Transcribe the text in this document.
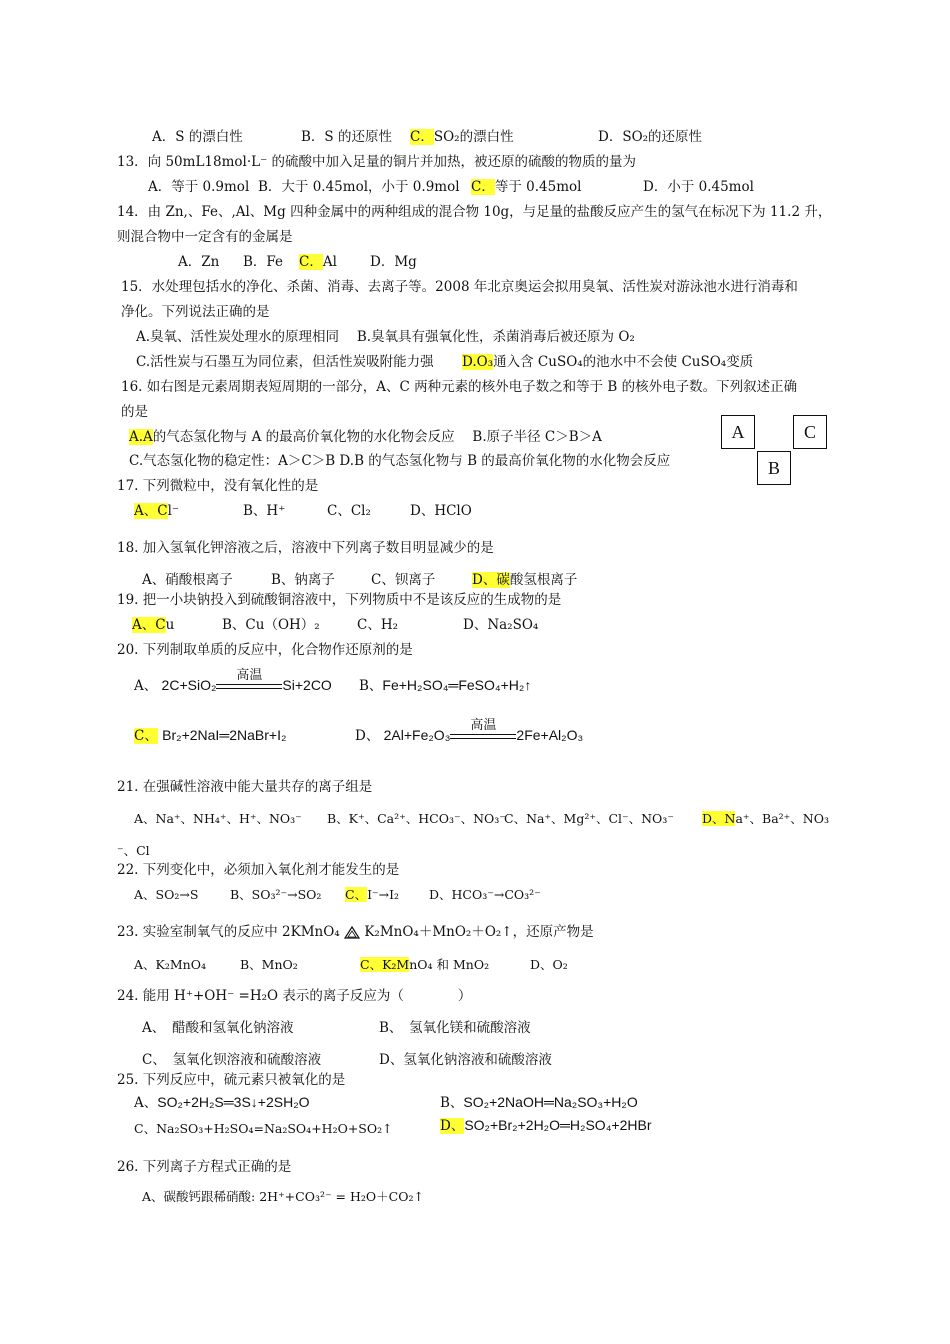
A．S 的漂白性	B．S 的还原性 C．SO₂的漂白性	D．SO₂的还原性
13．向 50mL18mol·L⁻ 的硫酸中加入足量的铜片并加热，被还原的硫酸的物质的量为
A．等于 0.9mol B．大于 0.45mol，小于 0.9mol C．等于 0.45mol	D．小于 0.45mol
14．由 Zn,、Fe、,Al、Mg 四种金属中的两种组成的混合物 10g，与足量的盐酸反应产生的氢气在标况下为 11.2 升，
则混合物中一定含有的金属是
A．Zn B．Fe C．Al D．Mg
15．水处理包括水的净化、杀菌、消毒、去离子等。2008 年北京奥运会拟用臭氧、活性炭对游泳池水进行消毒和
净化。下列说法正确的是
A.臭氧、活性炭处理水的原理相同　 B.臭氧具有强氧化性，杀菌消毒后被还原为 O₂
C.活性炭与石墨互为同位素，但活性炭吸附能力强 D.O₃通入含 CuSO₄的池水中不会使 CuSO₄变质
16. 如右图是元素周期表短周期的一部分，A、C 两种元素的核外电子数之和等于 B 的核外电子数。下列叙述正确
的是
A.A的气态氢化物与 A 的最高价氧化物的水化物会反应　 B.原子半径 C＞B＞A
C.气态氢化物的稳定性：A＞C＞B D.B 的气态氢化物与 B 的最高价氧化物的水化物会反应
A	C
B
17. 下列微粒中，没有氧化性的是
A、Cl⁻	B、H⁺	C、Cl₂	D、HClO
18. 加入氢氧化钾溶液之后，溶液中下列离子数目明显减少的是
A、硝酸根离子	B、钠离子	C、钡离子	D、碳酸氢根离子
19. 把一小块钠投入到硫酸铜溶液中，下列物质中不是该反应的生成物的是
A、Cu	B、Cu（OH）₂	C、H₂	D、Na₂SO₄
20. 下列制取单质的反应中，化合物作还原剂的是
A、 2C+SiO₂
高温
Si+2CO B、Fe+H₂SO₄═FeSO₄+H₂↑
C、 Br₂+2NaI═2NaBr+I₂	D、 2Al+Fe₂O₃
高温
2Fe+Al₂O₃
21. 在强碱性溶液中能大量共存的离子组是
A、Na⁺、NH₄⁺、H⁺、NO₃⁻ B、K⁺、Ca²⁺、HCO₃⁻、NO₃⁻
C、Na⁺、Mg²⁺、Cl⁻、NO₃⁻ D、Na⁺、Ba²⁺、NO₃
⁻、Cl
22. 下列变化中，必须加入氧化剂才能发生的是
A、SO₂→S	B、SO₃²⁻→SO₂ C、I⁻→I₂ D、HCO₃⁻→CO₃²⁻
23. 实验室制氧气的反应中 2KMnO₄ K₂MnO₄＋MnO₂＋O₂↑，还原产物是
A、K₂MnO₄	B、MnO₂	C、K₂MnO₄ 和 MnO₂	D、O₂
24. 能用 H⁺+OH⁻ =H₂O 表示的离子反应为（　　　　）
A、　醋酸和氢氧化钠溶液	B、　氢氧化镁和硫酸溶液
C、　氢氧化钡溶液和硫酸溶液	D、氢氧化钠溶液和硫酸溶液
25. 下列反应中，硫元素只被氧化的是
A、SO₂+2H₂S═3S↓+2SH₂O	B、SO₂+2NaOH═Na₂SO₃+H₂O
C、Na₂SO₃+H₂SO₄=Na₂SO₄+H₂O+SO₂↑	D、SO₂+Br₂+2H₂O═H₂SO₄+2HBr
26. 下列离子方程式正确的是
A、碳酸钙跟稀硝酸: 2H⁺+CO₃²⁻ = H₂O＋CO₂↑
